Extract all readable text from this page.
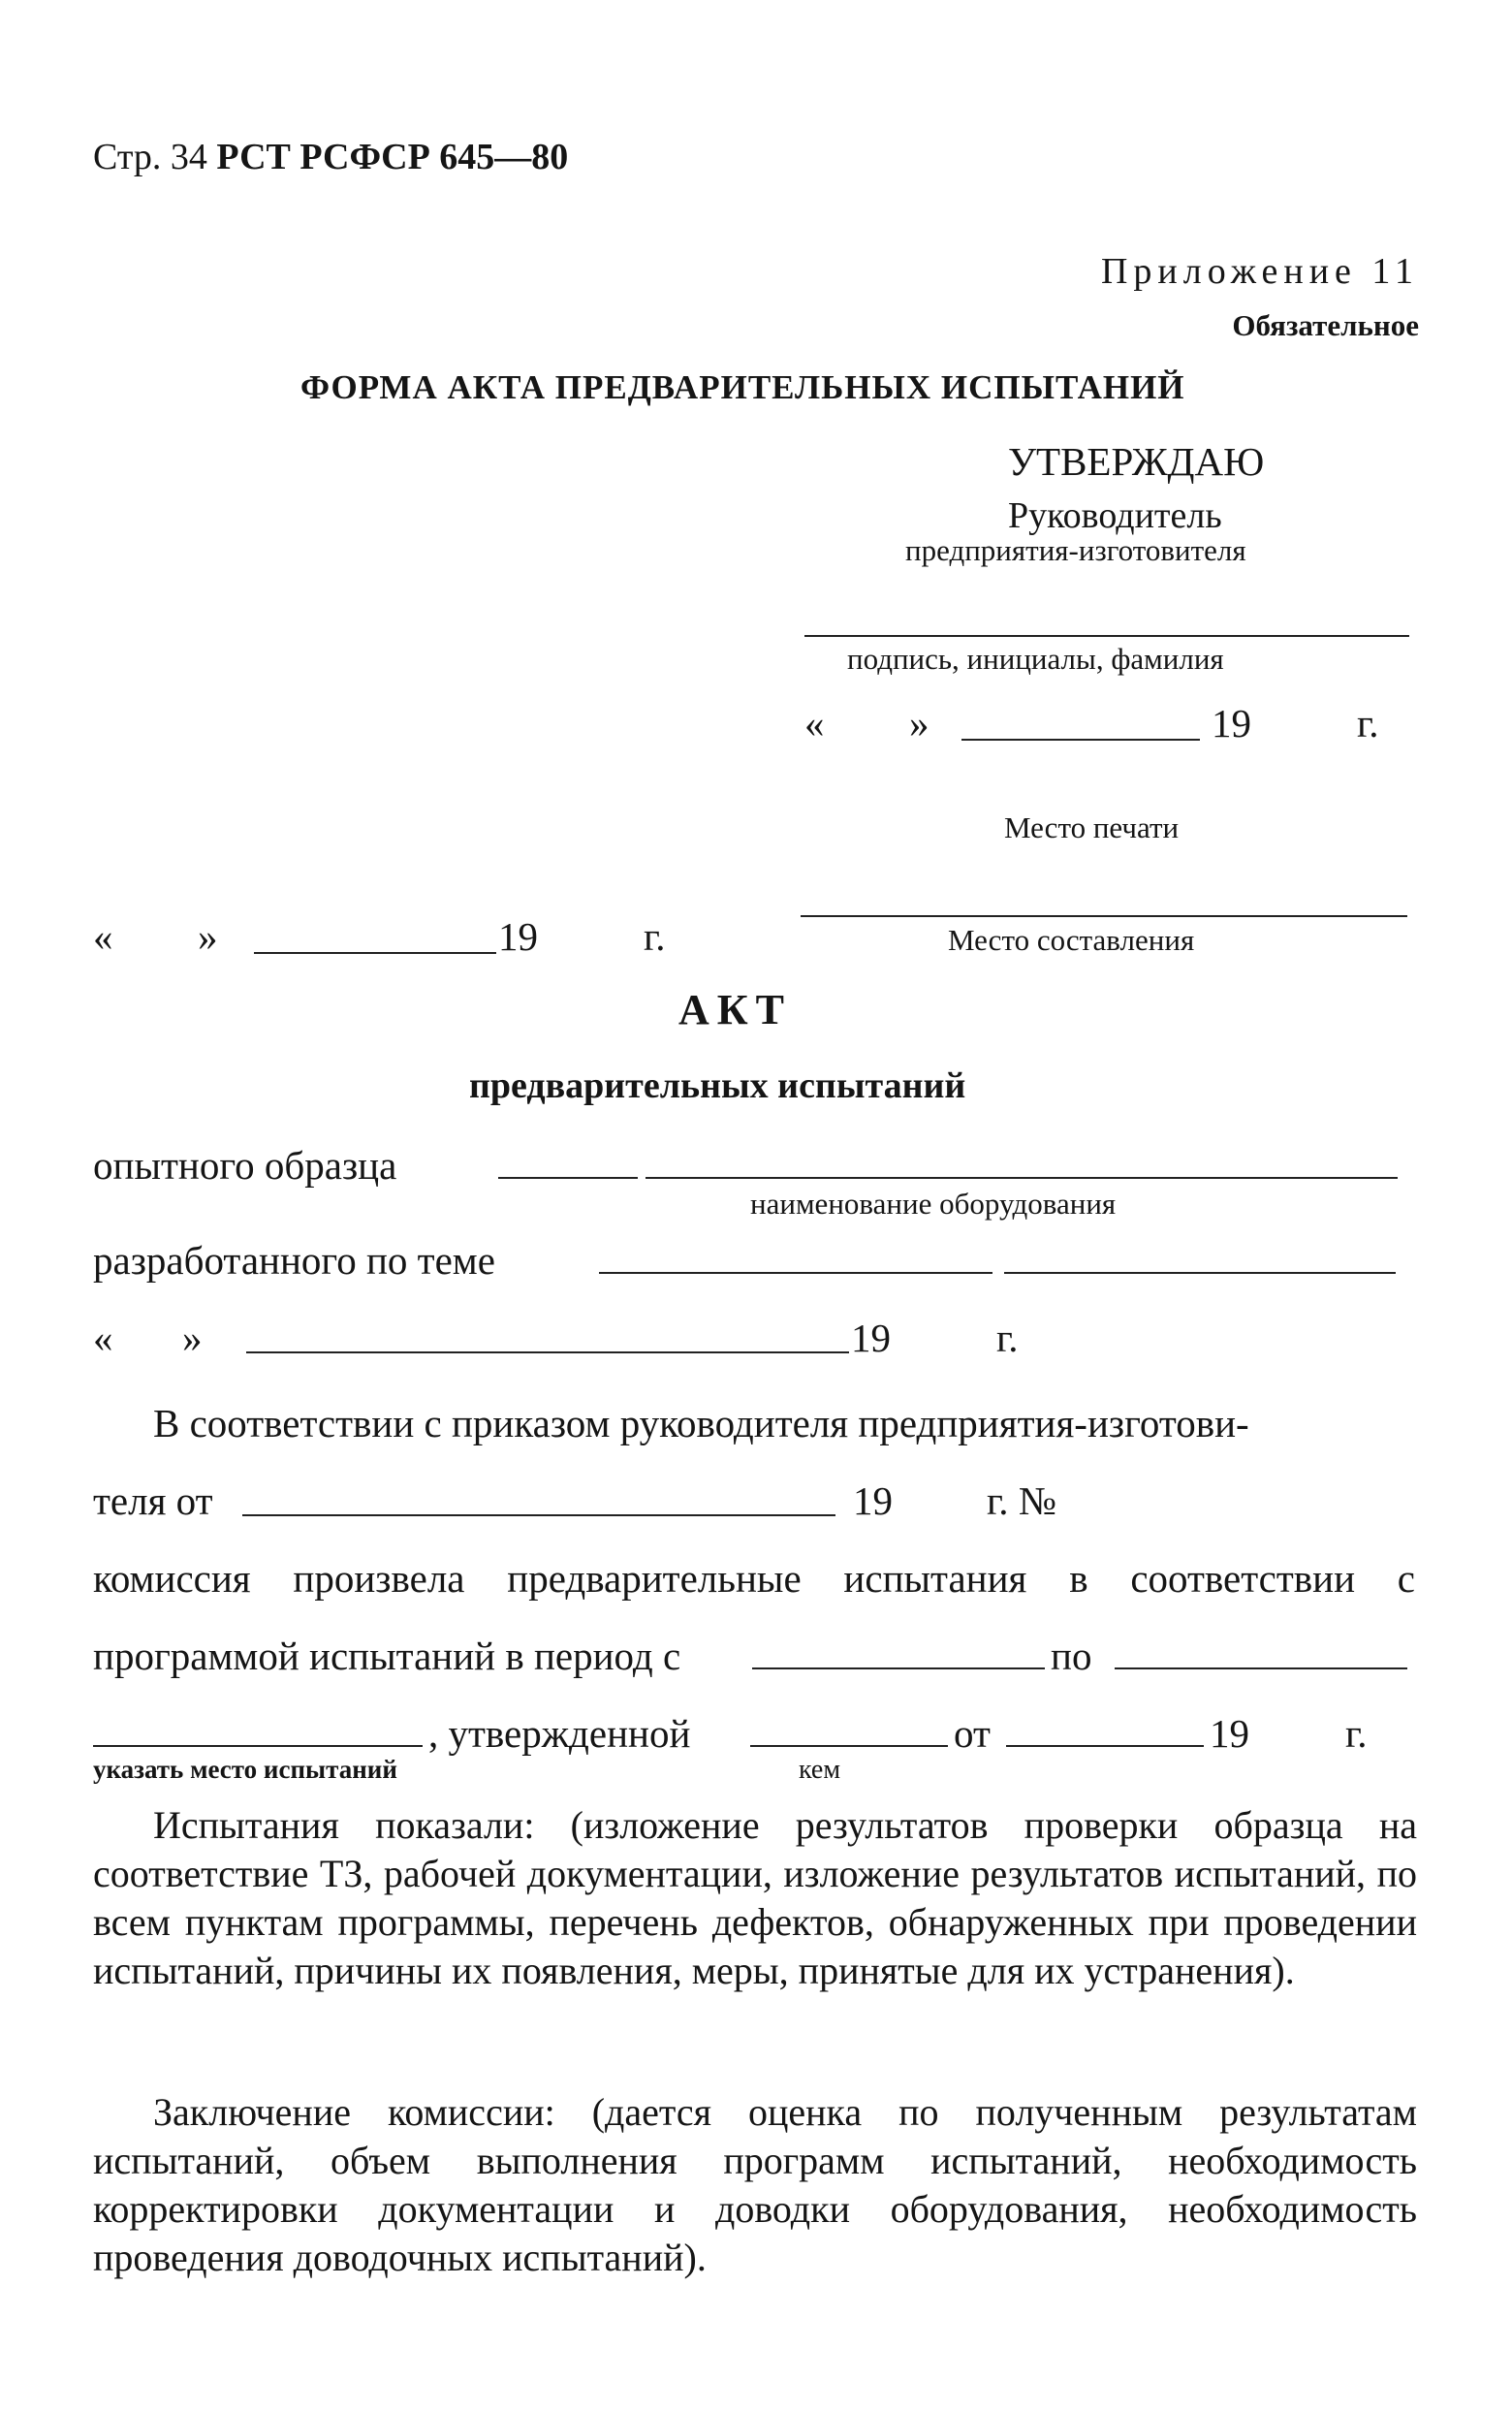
Стр. 34 РСТ РСФСР 645—80
Приложение 11
Обязательное
ФОРМА АКТА ПРЕДВАРИТЕЛЬНЫХ ИСПЫТАНИЙ
УТВЕРЖДАЮ
Руководитель
предприятия-изготовителя
подпись, инициалы, фамилия
« »	19	г.
Место печати
« »	19	г.	Место составления
АКТ
предварительных испытаний
опытного образца
наименование оборудования
разработанного по теме
« »	19	г.
В соответствии с приказом руководителя предприятия-изготови-
теля от	19 г. №
комиссия произвела предварительные испытания в соответствии с
программой испытаний в период с	по
, утвержденной	от	19 г.
указать место испытаний	кем
Испытания показали: (изложение результатов проверки образца на соответствие ТЗ, рабочей документации, изложение результатов испытаний, по всем пунктам программы, перечень дефектов, обнаруженных при проведении испытаний, причины их появления, меры, принятые для их устранения).
Заключение комиссии: (дается оценка по полученным результатам испытаний, объем выполнения программ испытаний, необходимость корректировки документации и доводки оборудования, необходимость проведения доводочных испытаний).
